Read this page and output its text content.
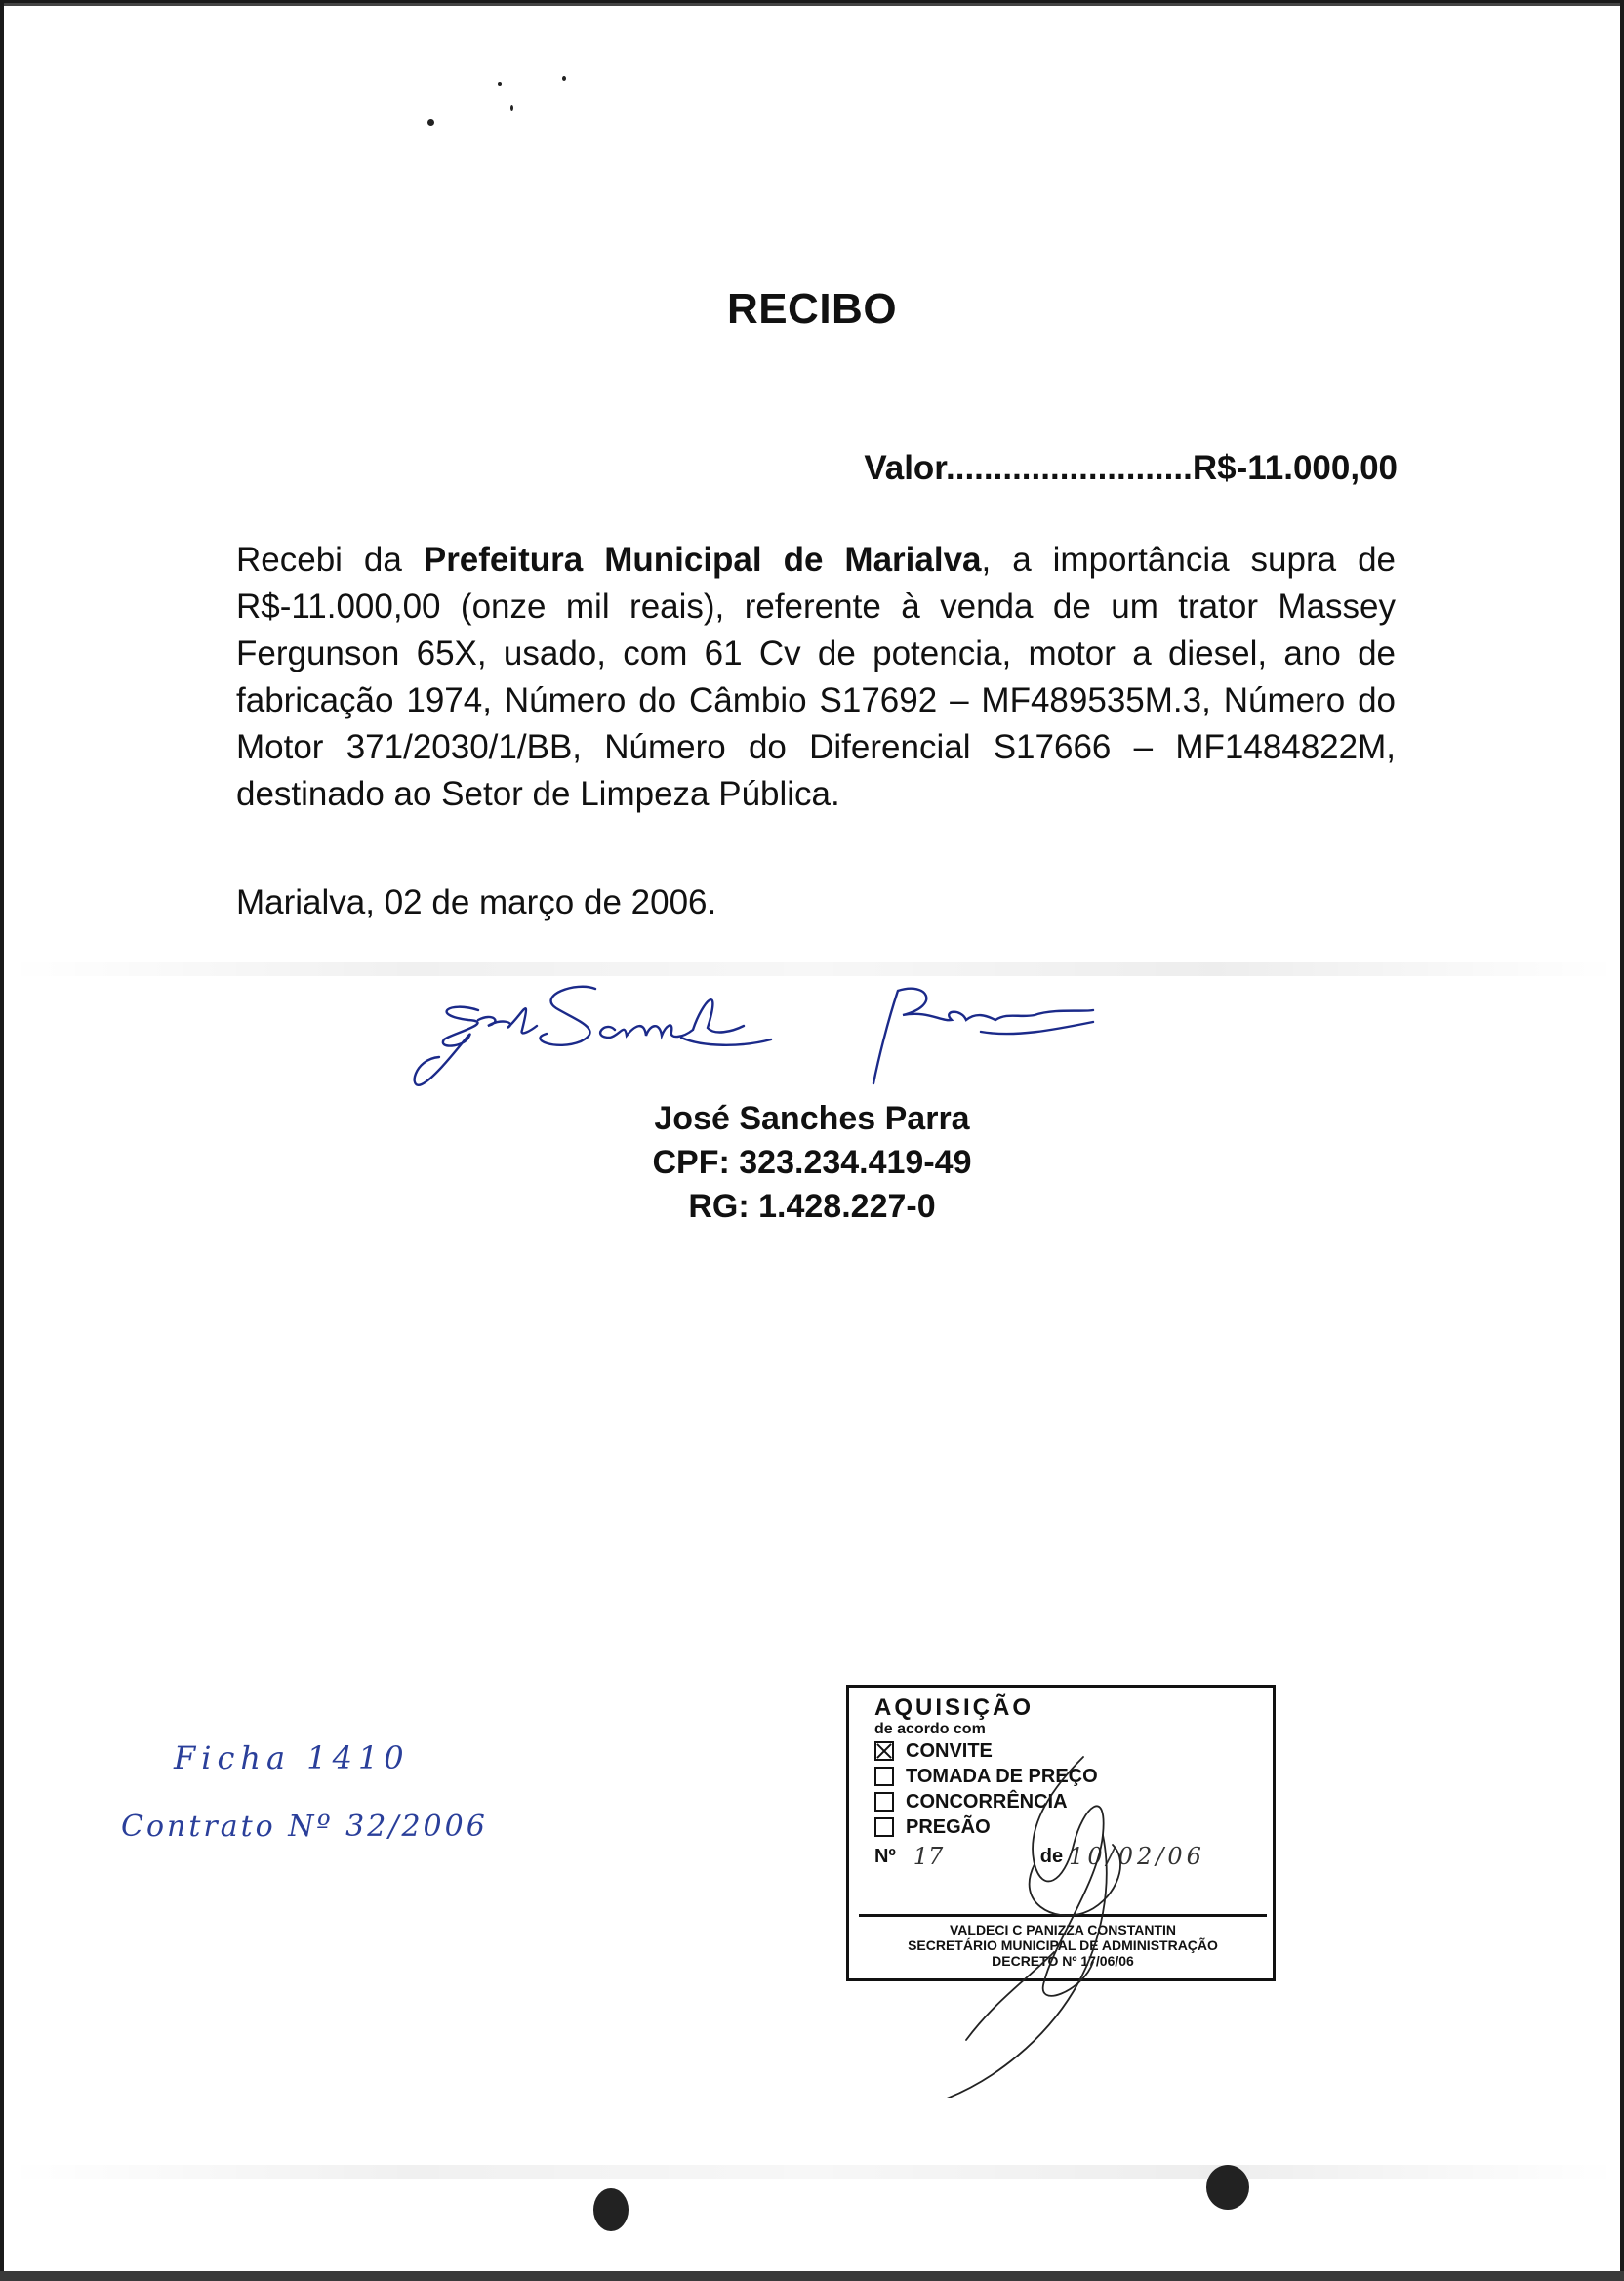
RECIBO
Valor..........................R$-11.000,00
Recebi da Prefeitura Municipal de Marialva, a importância supra de R$-11.000,00 (onze mil reais), referente à venda de um trator Massey Fergunson 65X, usado, com 61 Cv de potencia, motor a diesel, ano de fabricação 1974, Número do Câmbio S17692 – MF489535M.3, Número do Motor 371/2030/1/BB, Número do Diferencial S17666 – MF1484822M, destinado ao Setor de Limpeza Pública.
Marialva, 02 de março de 2006.
José Sanches Parra
CPF: 323.234.419-49
RG: 1.428.227-0
Ficha 1410
Contrato Nº 32/2006
AQUISIÇÃO
de acordo com
CONVITE
TOMADA DE PREÇO
CONCORRÊNCIA
PREGÃO
Nº 17	de 10/02/06
VALDECI C PANIZZA CONSTANTIN
SECRETÁRIO MUNICIPAL DE ADMINISTRAÇÃO
DECRETO Nº 17/06/06
